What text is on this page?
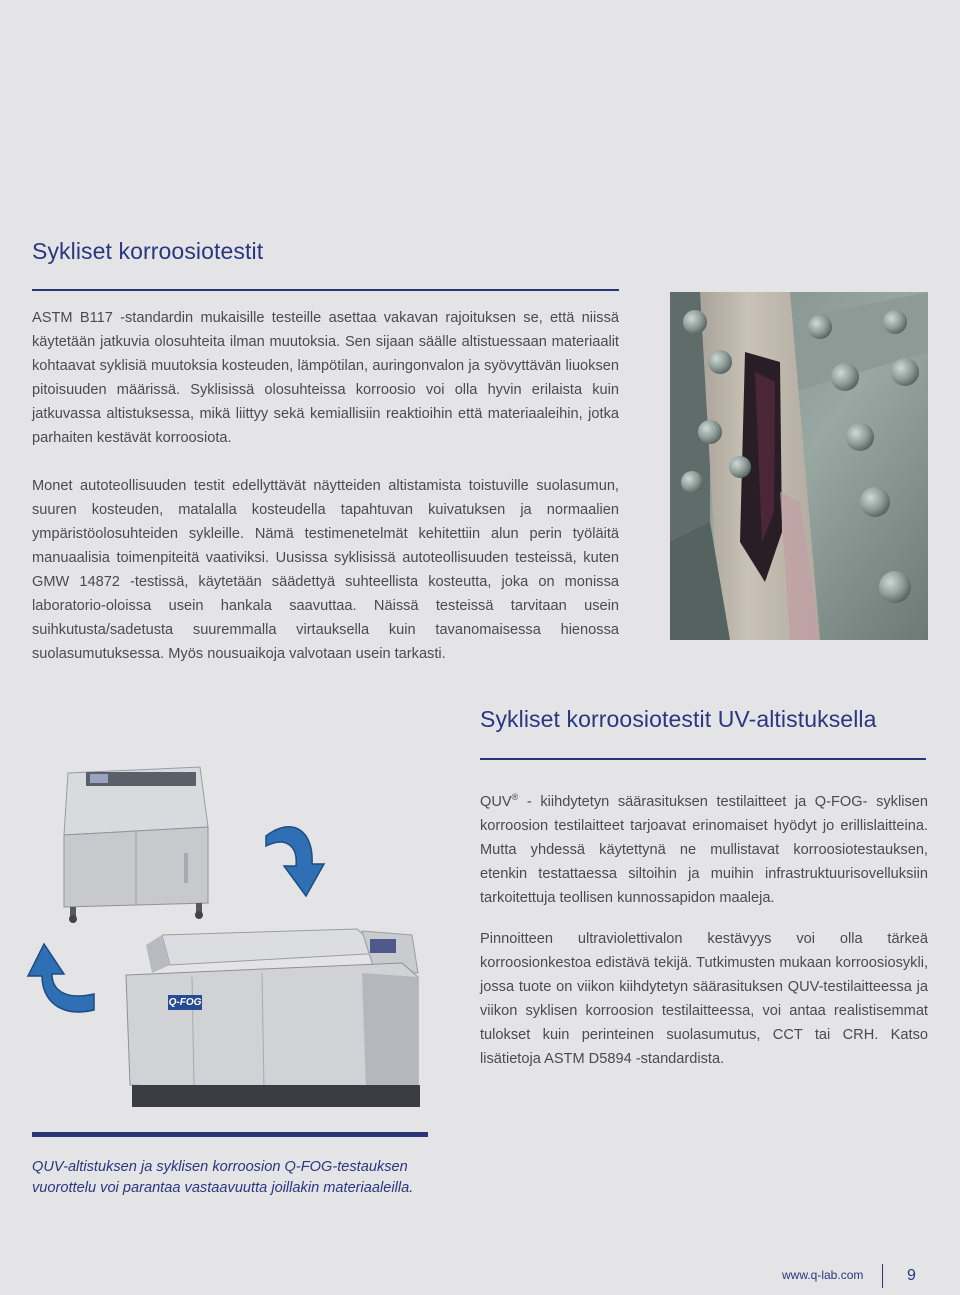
Sykliset korroosiotestit

ASTM B117 -standardin mukaisille testeille asettaa vakavan rajoituksen se, että niissä käytetään jatkuvia olosuhteita ilman muutoksia. Sen sijaan säälle altistuessaan materiaalit kohtaavat syklisiä muutoksia kosteuden, lämpötilan, auringonvalon ja syövyttävän liuoksen pitoisuuden määrissä. Syklisissä olosuhteissa korroosio voi olla hyvin erilaista kuin jatkuvassa altistuksessa, mikä liittyy sekä kemiallisiin reaktioihin että materiaaleihin, jotka parhaiten kestävät korroosiota.

Monet autoteollisuuden testit edellyttävät näytteiden altistamista toistuville suolasumun, suuren kosteuden, matalalla kosteudella tapahtuvan kuivatuksen ja normaalien ympäristöolosuhteiden sykleille. Nämä testimenetelmät kehitettiin alun perin työläitä manuaalisia toimenpiteitä vaativiksi. Uusissa syklisissä autoteollisuuden testeissä, kuten GMW 14872 -testissä, käytetään säädettyä suhteellista kosteutta, joka on monissa laboratorio-oloissa usein hankala saavuttaa. Näissä testeissä tarvitaan usein suihkutusta/sadetusta suuremmalla virtauksella kuin tavanomaisessa hienossa suolasumutuksessa. Myös nousuaikoja valvotaan usein tarkasti.

Sykliset korroosiotestit UV-altistuksella

QUV® - kiihdytetyn säärasituksen testilaitteet ja Q-FOG- syklisen korroosion testilaitteet tarjoavat erinomaiset hyödyt jo erillislaitteina. Mutta yhdessä käytettynä ne mullistavat korroosiotestauksen, etenkin testattaessa siltoihin ja muihin infrastruktuurisovelluksiin tarkoitettuja teollisen kunnossapidon maaleja.

Pinnoitteen ultraviolettivalon kestävyys voi olla tärkeä korroosionkestoa edistävä tekijä. Tutkimusten mukaan korroosiosykli, jossa tuote on viikon kiihdytetyn säärasituksen QUV-testilaitteessa ja viikon syklisen korroosion testilaitteessa, voi antaa realistisemmat tulokset kuin perinteinen suolasumutus, CCT tai CRH. Katso lisätietoja ASTM D5894 -standardista.

Q-FOG

QUV-altistuksen ja syklisen korroosion Q-FOG-testauksen vuorottelu voi parantaa vastaavuutta joillakin materiaaleilla.

www.q-lab.com	9
